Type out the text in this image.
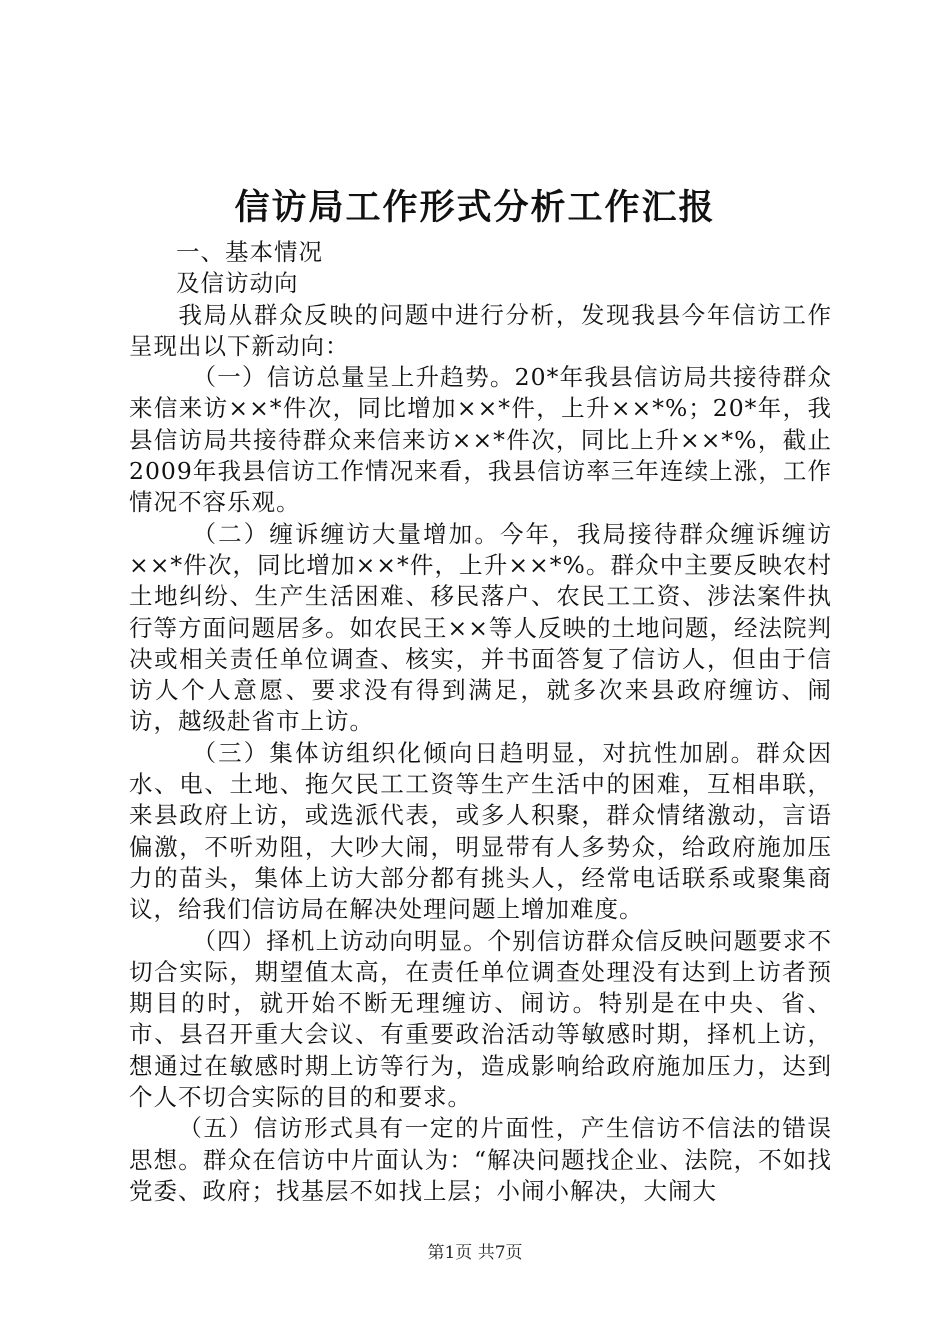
信访局工作形式分析工作汇报

一、基本情况

及信访动向

我局从群众反映的问题中进行分析，发现我县今年信访工作呈现出以下新动向：

（一）信访总量呈上升趋势。20*年我县信访局共接待群众来信来访××*件次，同比增加××*件，上升××*%；20*年，我县信访局共接待群众来信来访××*件次，同比上升××*%，截止2009年我县信访工作情况来看，我县信访率三年连续上涨，工作情况不容乐观。

（二）缠诉缠访大量增加。今年，我局接待群众缠诉缠访××*件次，同比增加××*件，上升××*%。群众中主要反映农村土地纠纷、生产生活困难、移民落户、农民工工资、涉法案件执行等方面问题居多。如农民王××等人反映的土地问题，经法院判决或相关责任单位调查、核实，并书面答复了信访人，但由于信访人个人意愿、要求没有得到满足，就多次来县政府缠访、闹访，越级赴省市上访。

（三）集体访组织化倾向日趋明显，对抗性加剧。群众因水、电、土地、拖欠民工工资等生产生活中的困难，互相串联，来县政府上访，或选派代表，或多人积聚，群众情绪激动，言语偏激，不听劝阻，大吵大闹，明显带有人多势众，给政府施加压力的苗头，集体上访大部分都有挑头人，经常电话联系或聚集商议，给我们信访局在解决处理问题上增加难度。

（四）择机上访动向明显。个别信访群众信反映问题要求不切合实际，期望值太高，在责任单位调查处理没有达到上访者预期目的时，就开始不断无理缠访、闹访。特别是在中央、省、市、县召开重大会议、有重要政治活动等敏感时期，择机上访，想通过在敏感时期上访等行为，造成影响给政府施加压力，达到个人不切合实际的目的和要求。

（五）信访形式具有一定的片面性，产生信访不信法的错误思想。群众在信访中片面认为：“解决问题找企业、法院，不如找党委、政府；找基层不如找上层；小闹小解决，大闹大

第1页 共7页
